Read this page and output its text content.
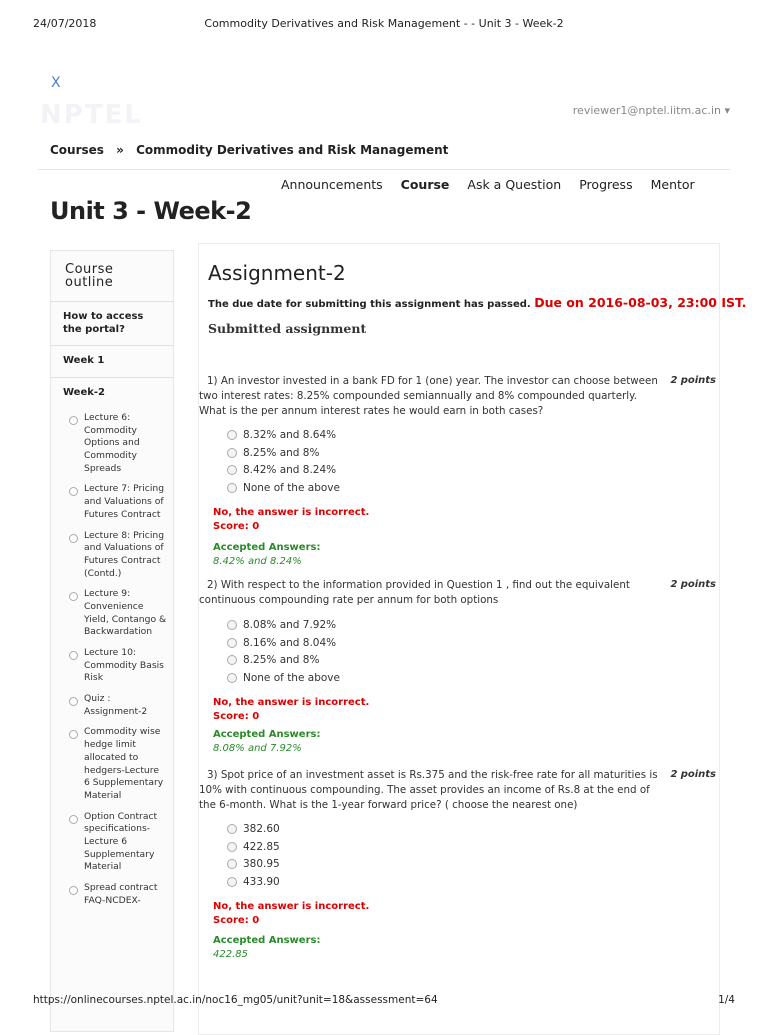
24/07/2018	Commodity Derivatives and Risk Management - - Unit 3 - Week-2
X
NPTEL	reviewer1@nptel.iitm.ac.in ▾
Courses » Commodity Derivatives and Risk Management
Announcements Course Ask a Question Progress Mentor
Unit 3 - Week-2
Course outline
How to access the portal?
Week 1
Week-2
Lecture 6: Commodity Options and Commodity Spreads
Lecture 7: Pricing and Valuations of Futures Contract
Lecture 8: Pricing and Valuations of Futures Contract (Contd.)
Lecture 9: Convenience Yield, Contango & Backwardation
Lecture 10: Commodity Basis Risk
Quiz : Assignment-2
Commodity wise hedge limit allocated to hedgers-Lecture 6 Supplementary Material
Option Contract specifications-Lecture 6 Supplementary Material
Spread contract FAQ-NCDEX-
Assignment-2
The due date for submitting this assignment has passed. Due on 2016-08-03, 23:00 IST.
Submitted assignment
1) An investor invested in a bank FD for 1 (one) year. The investor can choose between two interest rates: 8.25% compounded semiannually and 8% compounded quarterly. What is the per annum interest rates he would earn in both cases?
2 points
8.32% and 8.64%
8.25% and 8%
8.42% and 8.24%
None of the above
No, the answer is incorrect.
Score: 0
Accepted Answers:
8.42% and 8.24%
2) With respect to the information provided in Question 1 , find out the equivalent continuous compounding rate per annum for both options
2 points
8.08% and 7.92%
8.16% and 8.04%
8.25% and 8%
None of the above
No, the answer is incorrect.
Score: 0
Accepted Answers:
8.08% and 7.92%
3) Spot price of an investment asset is Rs.375 and the risk-free rate for all maturities is 10% with continuous compounding. The asset provides an income of Rs.8 at the end of the 6-month. What is the 1-year forward price? ( choose the nearest one)
2 points
382.60
422.85
380.95
433.90
No, the answer is incorrect.
Score: 0
Accepted Answers:
422.85
https://onlinecourses.nptel.ac.in/noc16_mg05/unit?unit=18&assessment=64	1/4
